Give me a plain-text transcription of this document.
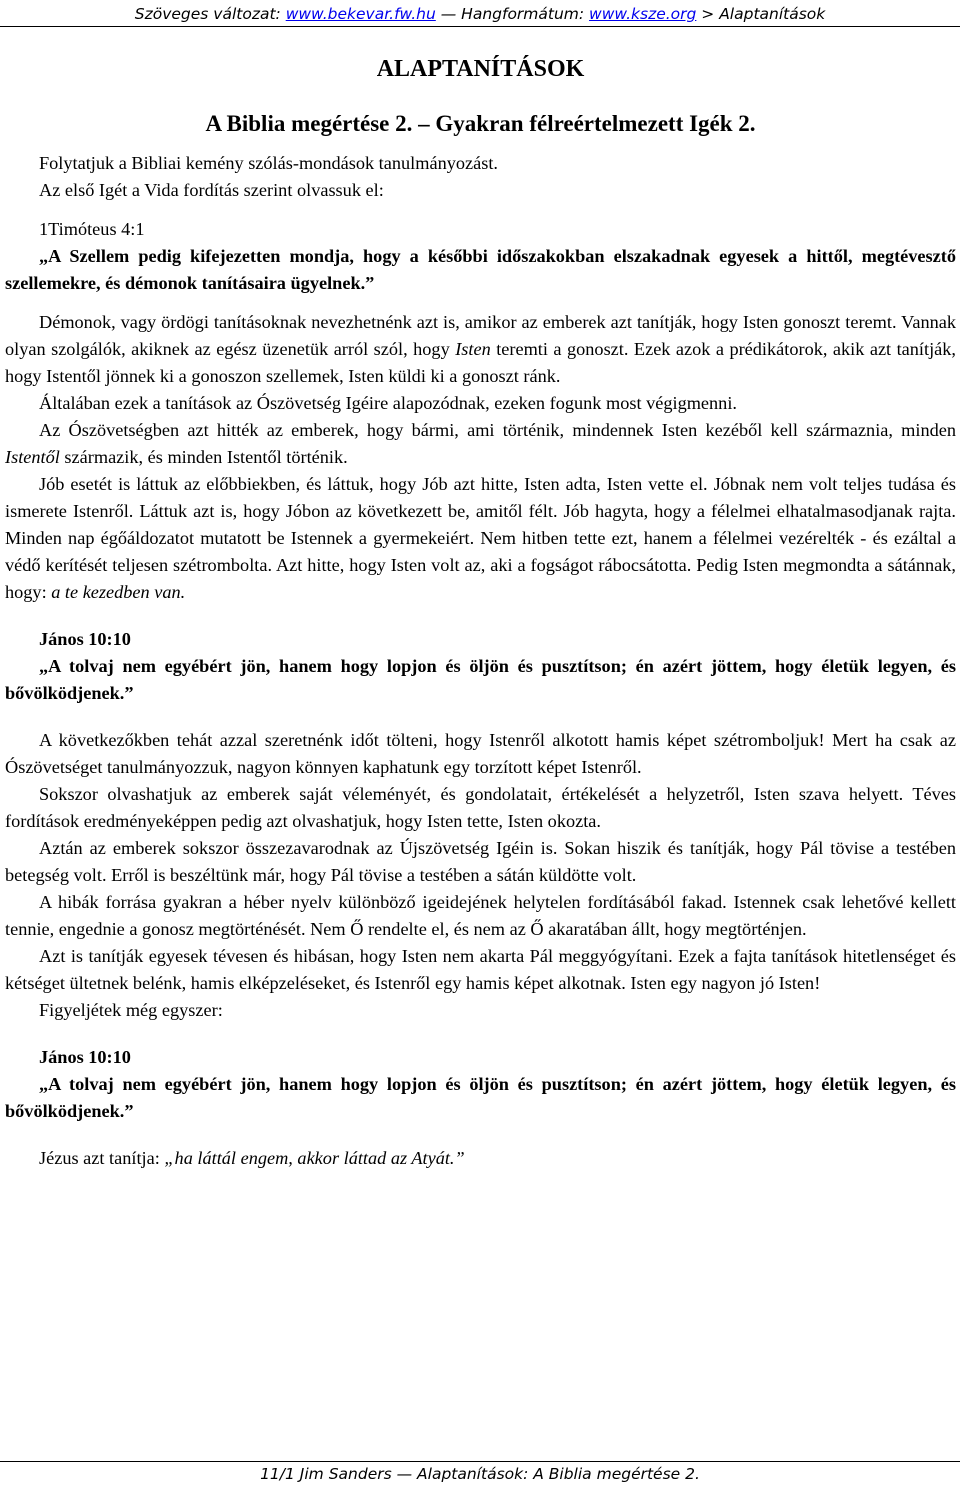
Szöveges változat: www.bekevar.fw.hu — Hangformátum: www.ksze.org > Alaptanítások
ALAPTANÍTÁSOK
A Biblia megértése 2. – Gyakran félreértelmezett Igék 2.

Folytatjuk a Bibliai kemény szólás-mondások tanulmányozást.

Az első Igét a Vida fordítás szerint olvassuk el:

1Timóteus 4:1

„A Szellem pedig kifejezetten mondja, hogy a későbbi időszakokban elszakadnak egyesek a hittől, megtévesztő szellemekre, és démonok tanításaira ügyelnek.”

Démonok, vagy ördögi tanításoknak nevezhetnénk azt is, amikor az emberek azt tanítják, hogy Isten gonoszt teremt. Vannak olyan szolgálók, akiknek az egész üzenetük arról szól, hogy Isten teremti a gonoszt. Ezek azok a prédikátorok, akik azt tanítják, hogy Istentől jönnek ki a gonoszon szellemek, Isten küldi ki a gonoszt ránk.

Általában ezek a tanítások az Ószövetség Igéire alapozódnak, ezeken fogunk most végigmenni.

Az Ószövetségben azt hitték az emberek, hogy bármi, ami történik, mindennek Isten kezéből kell származnia, minden Istentől származik, és minden Istentől történik.

Jób esetét is láttuk az előbbiekben, és láttuk, hogy Jób azt hitte, Isten adta, Isten vette el. Jóbnak nem volt teljes tudása és ismerete Istenről. Láttuk azt is, hogy Jóbon az következett be, amitől félt. Jób hagyta, hogy a félelmei elhatalmasodjanak rajta. Minden nap égőáldozatot mutatott be Istennek a gyermekeiért. Nem hitben tette ezt, hanem a félelmei vezérelték - és ezáltal a védő kerítését teljesen szétrombolta. Azt hitte, hogy Isten volt az, aki a fogságot rábocsátotta. Pedig Isten megmondta a sátánnak, hogy: a te kezedben van.

János 10:10

„A tolvaj nem egyébért jön, hanem hogy lopjon és öljön és pusztítson; én azért jöttem, hogy életük legyen, és bővölködjenek.”

A következőkben tehát azzal szeretnénk időt tölteni, hogy Istenről alkotott hamis képet szétromboljuk! Mert ha csak az Ószövetséget tanulmányozzuk, nagyon könnyen kaphatunk egy torzított képet Istenről.

Sokszor olvashatjuk az emberek saját véleményét, és gondolatait, értékelését a helyzetről, Isten szava helyett. Téves fordítások eredményeképpen pedig azt olvashatjuk, hogy Isten tette, Isten okozta.

Aztán az emberek sokszor összezavarodnak az Újszövetség Igéin is. Sokan hiszik és tanítják, hogy Pál tövise a testében betegség volt. Erről is beszéltünk már, hogy Pál tövise a testében a sátán küldötte volt.

A hibák forrása gyakran a héber nyelv különböző igeidejének helytelen fordításából fakad. Istennek csak lehetővé kellett tennie, engednie a gonosz megtörténését. Nem Ő rendelte el, és nem az Ő akaratában állt, hogy megtörténjen.

Azt is tanítják egyesek tévesen és hibásan, hogy Isten nem akarta Pál meggyógyítani. Ezek a fajta tanítások hitetlenséget és kétséget ültetnek belénk, hamis elképzeléseket, és Istenről egy hamis képet alkotnak. Isten egy nagyon jó Isten!

Figyeljétek még egyszer:

János 10:10

„A tolvaj nem egyébért jön, hanem hogy lopjon és öljön és pusztítson; én azért jöttem, hogy életük legyen, és bővölködjenek.”

Jézus azt tanítja: „ha láttál engem, akkor láttad az Atyát.”

11/1 Jim Sanders — Alaptanítások: A Biblia megértése 2.
